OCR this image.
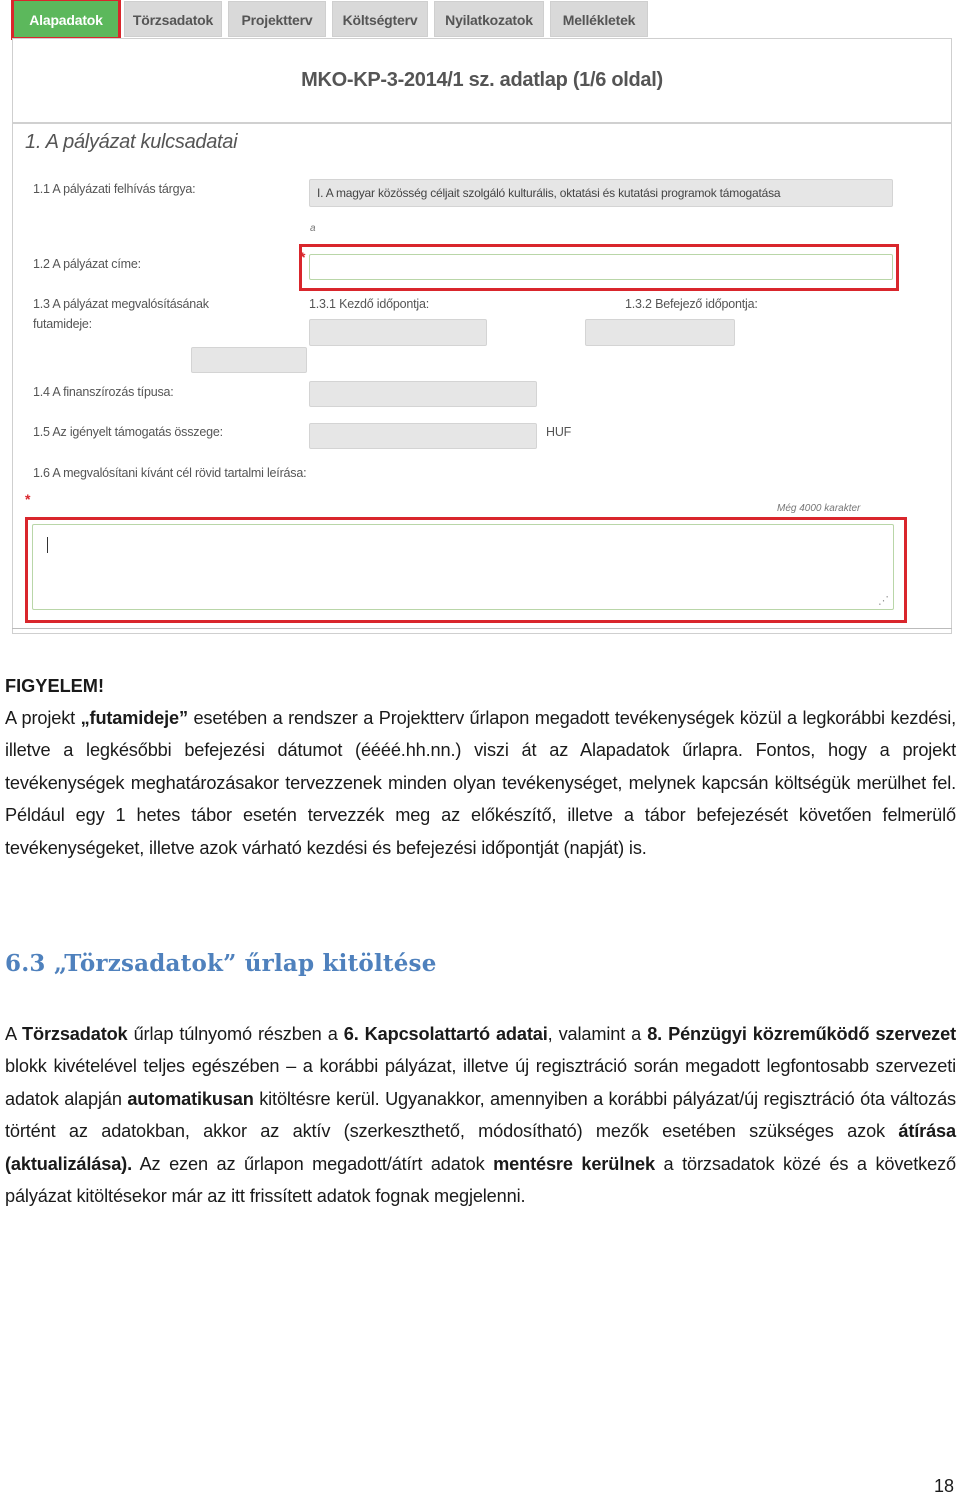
Alapadatok	Törzsadatok	Projektterv	Költségterv	Nyilatkozatok	Mellékletek
MKO-KP-3-2014/1 sz. adatlap (1/6 oldal)
1. A pályázat kulcsadatai
1.1 A pályázati felhívás tárgya:	I. A magyar közösség céljait szolgáló kulturális, oktatási és kutatási programok támogatása
a
1.2 A pályázat címe:	*
1.3 A pályázat megvalósításának
futamideje:
1.3.1 Kezdő időpontja:	1.3.2 Befejező időpontja:
1.4 A finanszírozás típusa:
1.5 Az igényelt támogatás összege:	HUF
1.6 A megvalósítani kívánt cél rövid tartalmi leírása:
*
Még 4000 karakter
⋰
FIGYELEM!
A projekt „futamideje” esetében a rendszer a Projektterv űrlapon megadott tevékenységek közül a legkorábbi kezdési, illetve a legkésőbbi befejezési dátumot (éééé.hh.nn.) viszi át az Alapadatok űrlapra. Fontos, hogy a projekt tevékenységek meghatározásakor tervezzenek minden olyan tevékenységet, melynek kapcsán költségük merülhet fel. Például egy 1 hetes tábor esetén tervezzék meg az előkészítő, illetve a tábor befejezését követően felmerülő tevékenységeket, illetve azok várható kezdési és befejezési időpontját (napját) is.
6.3 „Törzsadatok” űrlap kitöltése
A Törzsadatok űrlap túlnyomó részben a 6. Kapcsolattartó adatai, valamint a 8. Pénzügyi közreműködő szervezet blokk kivételével teljes egészében – a korábbi pályázat, illetve új regisztráció során megadott legfontosabb szervezeti adatok alapján automatikusan kitöltésre kerül. Ugyanakkor, amennyiben a korábbi pályázat/új regisztráció óta változás történt az adatokban, akkor az aktív (szerkeszthető, módosítható) mezők esetében szükséges azok átírása (aktualizálása). Az ezen az űrlapon megadott/átírt adatok mentésre kerülnek a törzsadatok közé és a következő pályázat kitöltésekor már az itt frissített adatok fognak megjelenni.
18
